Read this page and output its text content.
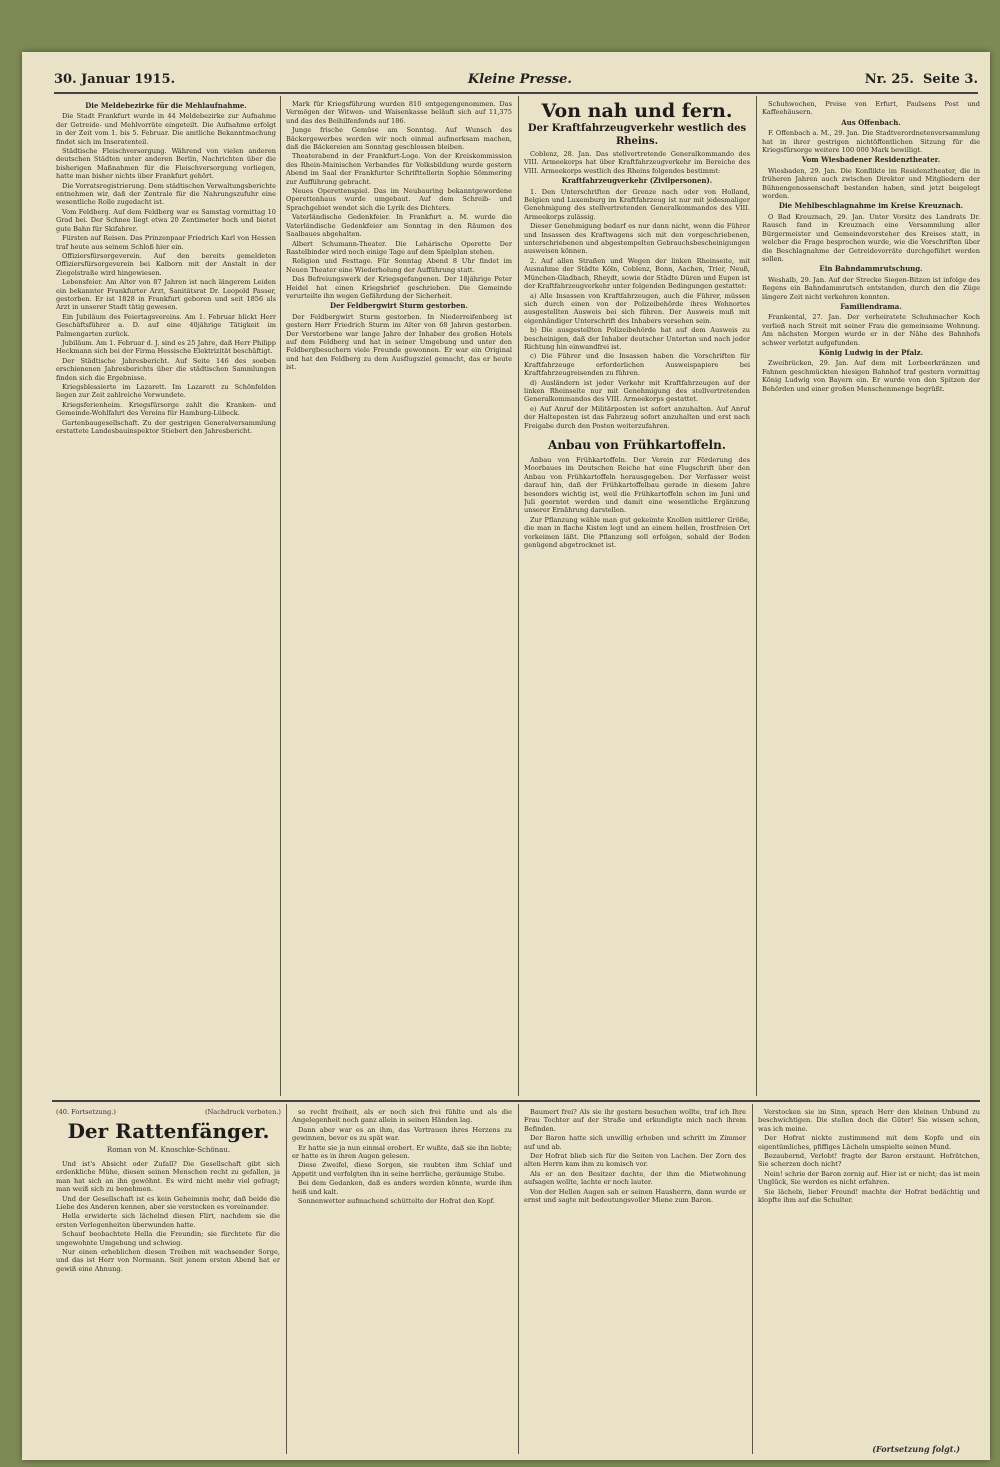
30. Januar 1915.	Kleine Presse.	Nr. 25. Seite 3.
Die Meldebezirke für die Mehlaufnahme.

Die Stadt Frankfurt wurde in 44 Meldebezirke zur Aufnahme der Getreide- und Mehlvorräte eingeteilt. Die Aufnahme erfolgt in der Zeit vom 1. bis 5. Februar. Die amtliche Bekanntmachung findet sich im Inseratenteil.

Städtische Fleischversorgung. Während von vielen anderen deutschen Städten unter anderen Berlin, Nachrichten über die bisherigen Maßnahmen für die Fleischversorgung vorliegen, hatte man bisher nichts über Frankfurt gehört.

Die Vorratsregistrierung. Dem städtischen Verwaltungsberichte entnehmen wir, daß der Zentrale für die Nahrungszufuhr eine wesentliche Rolle zugedacht ist.

Vom Feldberg. Auf dem Feldberg war es Samstag vormittag 10 Grad bei. Der Schnee liegt etwa 20 Zentimeter hoch und bietet gute Bahn für Skifahrer.

Fürsten auf Reisen. Das Prinzenpaar Friedrich Karl von Hessen traf heute aus seinem Schloß hier ein.

Offiziersfürsorgeverein. Auf den bereits gemeldeten Offiziersfürsorgeverein bei Kalborn mit der Anstalt in der Ziegelstraße wird hingewiesen.

Lebensfeier. Am Alter von 87 Jahren ist nach längerem Leiden ein bekannter Frankfurter Arzt, Sanitätsrat Dr. Leopold Passer, gestorben. Er ist 1828 in Frankfurt geboren und seit 1856 als Arzt in unserer Stadt tätig gewesen.

Ein Jubiläum des Feiertagsvereins. Am 1. Februar blickt Herr Geschäftsführer a. D. auf eine 40jährige Tätigkeit im Palmengarten zurück.

Jubiläum. Am 1. Februar d. J. sind es 25 Jahre, daß Herr Philipp Heckmann sich bei der Firma Hessische Elektrizität beschäftigt.

Der Städtische Jahresbericht. Auf Seite 146 des soeben erschienenen Jahresberichts über die städtischen Sammlungen finden sich die Ergebnisse.

Kriegsblessierte im Lazarett. Im Lazarett zu Schönfelden liegen zur Zeit zahlreiche Verwundete.

Kriegsferienheim. Kriegsfürsorge zahlt die Kranken- und Gemeinde-Wohlfahrt des Vereins für Hamburg-Lübeck.

Gartenbaugesellschaft. Zu der gestrigen Generalversammlung erstattete Landesbauinspektor Stiebert den Jahresbericht.

Mark für Kriegsführung wurden 810 entgegengenommen. Das Vermögen der Witwen- und Waisenkasse beläuft sich auf 11,375 und das des Beihilfenfonds auf 186.

Junge frische Gemüse am Sonntag. Auf Wunsch des Bäckergewerbes werden wir noch einmal aufmerksam machen, daß die Bäckereien am Sonntag geschlossen bleiben.

Theaterabend in der Frankfurt-Loge. Von der Kreiskommission des Rhein-Mainischen Verbandes für Volksbildung wurde gestern Abend im Saal der Frankfurter Schrifttellerin Sophie Sömmering zur Aufführung gebracht.

Neues Operettenspiel. Das im Neubauring bekanntgewordene Operettenhaus wurde umgebaut. Auf dem Schreib- und Sprachgebiet wendet sich die Lyrik des Dichters.

Vaterländische Gedenkfeier. In Frankfurt a. M. wurde die Vaterländische Gedenkfeier am Sonntag in den Räumen des Saalbaues abgehalten.

Albert Schumann-Theater. Die Lehárische Operette Der Rastelbinder wird noch einige Tage auf dem Spielplan stehen.

Religion und Festtage. Für Sonntag Abend 8 Uhr findet im Neuen Theater eine Wiederholung der Aufführung statt.

Das Befreiungswerk der Kriegsgefangenen. Der 18jährige Peter Heidel hat einen Kriegsbrief geschrieben. Die Gemeinde verurteilte ihn wegen Gefährdung der Sicherheit.

Der Feldbergwirt Sturm gestorben.

Der Feldbergwirt Sturm gestorben. In Niederreifenberg ist gestern Herr Friedrich Sturm im Alter von 68 Jahren gestorben. Der Verstorbene war lange Jahre der Inhaber des großen Hotels auf dem Feldberg und hat in seiner Umgebung und unter den Feldbergbesuchern viele Freunde gewonnen. Er war ein Original und hat den Feldberg zu dem Ausflugsziel gemacht, das er heute ist.

Von nah und fern.
Der Kraftfahrzeugverkehr westlich des Rheins.

Coblenz, 28. Jan. Das stellvertretende Generalkommando des VIII. Armeekorps hat über Kraftfahrzeugverkehr im Bereiche des VIII. Armeekorps westlich des Rheins folgendes bestimmt:

Kraftfahrzeugverkehr (Zivilpersonen).

1. Den Unterschriften der Grenze nach oder von Holland, Belgien und Luxemburg im Kraftfahrzeug ist nur mit jedesmaliger Genehmigung des stellvertretenden Generalkommandos des VIII. Armeekorps zulässig.

Dieser Genehmigung bedarf es nur dann nicht, wenn die Führer und Insassen des Kraftwagens sich mit den vorgeschriebenen, unterschriebenen und abgestempelten Gebrauchsbescheinigungen ausweisen können.

2. Auf allen Straßen und Wegen der linken Rheinseite, mit Ausnahme der Städte Köln, Coblenz, Bonn, Aachen, Trier, Neuß, München-Gladbach, Rheydt, sowie der Städte Düren und Eupen ist der Kraftfahrzeugverkehr unter folgenden Bedingungen gestattet:

a) Alle Insassen von Kraftfahrzeugen, auch die Führer, müssen sich durch einen von der Polizeibehörde ihres Wohnortes ausgestellten Ausweis bei sich führen. Der Ausweis muß mit eigenhändiger Unterschrift des Inhabers versehen sein.

b) Die ausgestellten Polizeibehörde hat auf dem Ausweis zu bescheinigen, daß der Inhaber deutscher Untertan und nach jeder Richtung hin einwandfrei ist.

c) Die Führer und die Insassen haben die Vorschriften für Kraftfahrzeuge erforderlichen Ausweispapiere bei Kraftfahrzeugreisenden zu führen.

d) Ausländern ist jeder Verkehr mit Kraftfahrzeugen auf der linken Rheinseite nur mit Genehmigung des stellvertretenden Generalkommandos des VIII. Armeekorps gestattet.

e) Auf Anruf der Militärposten ist sofort anzuhalten. Auf Anruf der Halteposten ist das Fahrzeug sofort anzuhalten und erst nach Freigabe durch den Posten weiterzufahren.

Anbau von Frühkartoffeln.

Anbau von Frühkartoffeln. Der Verein zur Förderung des Moorbaues im Deutschen Reiche hat eine Flugschrift über den Anbau von Frühkartoffeln herausgegeben. Der Verfasser weist darauf hin, daß der Frühkartoffelbau gerade in diesem Jahre besonders wichtig ist, weil die Frühkartoffeln schon im Juni und Juli geerntet werden und damit eine wesentliche Ergänzung unserer Ernährung darstellen.

Zur Pflanzung wähle man gut gekeimte Knollen mittlerer Größe, die man in flache Kisten legt und an einem hellen, frostfreien Ort vorkeimen läßt. Die Pflanzung soll erfolgen, sobald der Boden genügend abgetrocknet ist.

Schuhwochen, Preise von Erfurt, Paulsens Post und Kaffeehäusern.

Aus Offenbach.

F. Offenbach a. M., 29. Jan. Die Stadtverordnetenversammlung hat in ihrer gestrigen nichtöffentlichen Sitzung für die Kriegsfürsorge weitere 100 000 Mark bewilligt.

Vom Wiesbadener Residenztheater.

Wiesbaden, 29. Jan. Die Konflikte im Residenztheater, die in früheren Jahren auch zwischen Direktor und Mitgliedern der Bühnengenossenschaft bestanden haben, sind jetzt beigelegt worden.

Die Mehlbeschlagnahme im Kreise Kreuznach.

O Bad Kreuznach, 29. Jan. Unter Vorsitz des Landrats Dr. Rausch fand in Kreuznach eine Versammlung aller Bürgermeister und Gemeindevorsteher des Kreises statt, in welcher die Frage besprochen wurde, wie die Vorschriften über die Beschlagnahme der Getreidevorräte durchgeführt werden sollen.

Ein Bahndammrutschung.

Weshalb, 29. Jan. Auf der Strecke Siegen-Bitzen ist infolge des Regens ein Bahndammrutsch entstanden, durch den die Züge längere Zeit nicht verkehren konnten.

Familiendrama.

Frankental, 27. Jan. Der verheiratete Schuhmacher Koch verließ nach Streit mit seiner Frau die gemeinsame Wohnung. Am nächsten Morgen wurde er in der Nähe des Bahnhofs schwer verletzt aufgefunden.

König Ludwig in der Pfalz.

Zweibrücken, 29. Jan. Auf dem mit Lorbeerkränzen und Fahnen geschmückten hiesigen Bahnhof traf gestern vormittag König Ludwig von Bayern ein. Er wurde von den Spitzen der Behörden und einer großen Menschenmenge begrüßt.

(40. Fortsetzung.)	(Nachdruck verboten.)
Der Rattenfänger.
Roman von M. Knoschke-Schönau.

Und ist's Absicht oder Zufall? Die Gesellschaft gibt sich erdenkliche Mühe, diesen seinen Menschen recht zu gefallen, ja man hat sich an ihn gewöhnt. Es wird nicht mehr viel gefragt; man weiß sich zu benehmen.

Und der Gesellschaft ist es kein Geheimnis mehr, daß beide die Liebe des Anderen kennen, aber sie verstecken es voreinander.

Hella erwiderte sich lächelnd diesen Flirt, nachdem sie die ersten Verlegenheiten überwunden hatte.

Schauf beobachtete Hella die Freundin; sie fürchtete für die ungewohnte Umgebung und schwieg.

Nur einen erheblichen diesen Treiben mit wachsender Sorge, und das ist Herr von Normann. Seit jenem ersten Abend hat er gewiß eine Ahnung.

so recht freiheit, als er noch sich frei fühlte und als die Angelegenheit noch ganz allein in seinen Händen lag.

Dann aber war es an ihm, das Vertrauen ihres Herzens zu gewinnen, bevor es zu spät war.

Er hatte sie ja nun einmal erobert. Er wußte, daß sie ihn liebte; er hatte es in ihren Augen gelesen.

Diese Zweifel, diese Sorgen, sie raubten ihm Schlaf und Appetit und verfolgten ihn in seine herrliche, geräumige Stube.

Bei dem Gedanken, daß es anders werden könnte, wurde ihm heiß und kalt.

Sonnenwetter aufmachend schüttelte der Hofrat den Kopf.

Baumert frei? Als sie ihr gestern besuchen wollte, traf ich Ihre Frau Tochter auf der Straße und erkundigte mich nach ihrem Befinden.

Der Baron hatte sich unwillig erhoben und schritt im Zimmer auf und ab.

Der Hofrat blieb sich für die Seiten von Lachen. Der Zorn des alten Herrn kam ihm zu komisch vor.

Als er an den Besitzer dachte, der ihm die Mietwohnung aufsagen wollte, lachte er noch lauter.

Von der Hellen Augen sah er seinen Hausherrn, dann wurde er ernst und sagte mit bedeutungsvoller Miene zum Baron.

Verstocken sie im Sinn, sprach Herr den kleinen Unbund zu beschwichtigen. Die stellen doch die Güter! Sie wissen schon, was ich meine.

Der Hofrat nickte zustimmend mit dem Kopfe und ein eigentümliches, pfiffiges Lächeln umspielte seinen Mund.

Bezaubernd, Verlobt! fragte der Baron erstaunt. Hofrätchen, Sie scherzen doch nicht?

Nein! schrie der Baron zornig auf. Hier ist er nicht; das ist mein Unglück, Sie werden es nicht erfahren.

Sie lächeln, lieber Freund! machte der Hofrat bedächtig und klopfte ihm auf die Schulter.

(Fortsetzung folgt.)
